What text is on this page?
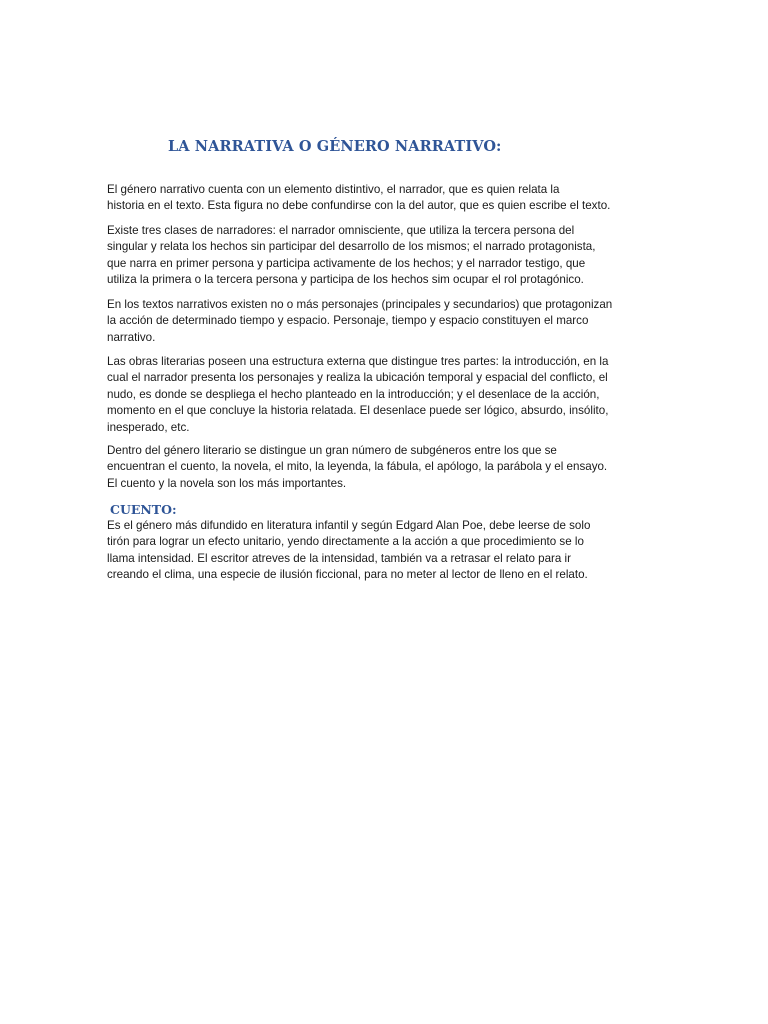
LA NARRATIVA O GÉNERO NARRATIVO:

El género narrativo cuenta con un elemento distintivo, el narrador, que es quien relata la
historia en el texto. Esta figura no debe confundirse con la del autor, que es quien escribe el texto.

Existe tres clases de narradores: el narrador omnisciente, que utiliza la tercera persona del
singular y relata los hechos sin participar del desarrollo de los mismos; el narrado protagonista,
que narra en primer persona y participa activamente de los hechos; y el narrador testigo, que
utiliza la primera o la tercera persona y participa de los hechos sim ocupar el rol protagónico.

En los textos narrativos existen no o más personajes (principales y secundarios) que protagonizan
la acción de determinado tiempo y espacio. Personaje, tiempo y espacio constituyen el marco
narrativo.

Las obras literarias poseen una estructura externa que distingue tres partes: la introducción, en la
cual el narrador presenta los personajes y realiza la ubicación temporal y espacial del conflicto, el
nudo, es donde se despliega el hecho planteado en la introducción; y el desenlace de la acción,
momento en el que concluye la historia relatada. El desenlace puede ser lógico, absurdo, insólito,
inesperado, etc.

Dentro del género literario se distingue un gran número de subgéneros entre los que se
encuentran el cuento, la novela, el mito, la leyenda, la fábula, el apólogo, la parábola y el ensayo.
El cuento y la novela son los más importantes.

CUENTO:

Es el género más difundido en literatura infantil y según Edgard Alan Poe, debe leerse de solo
tirón para lograr un efecto unitario, yendo directamente a la acción a que procedimiento se lo
llama intensidad. El escritor atreves de la intensidad, también va a retrasar el relato para ir
creando el clima, una especie de ilusión ficcional, para no meter al lector de lleno en el relato.
